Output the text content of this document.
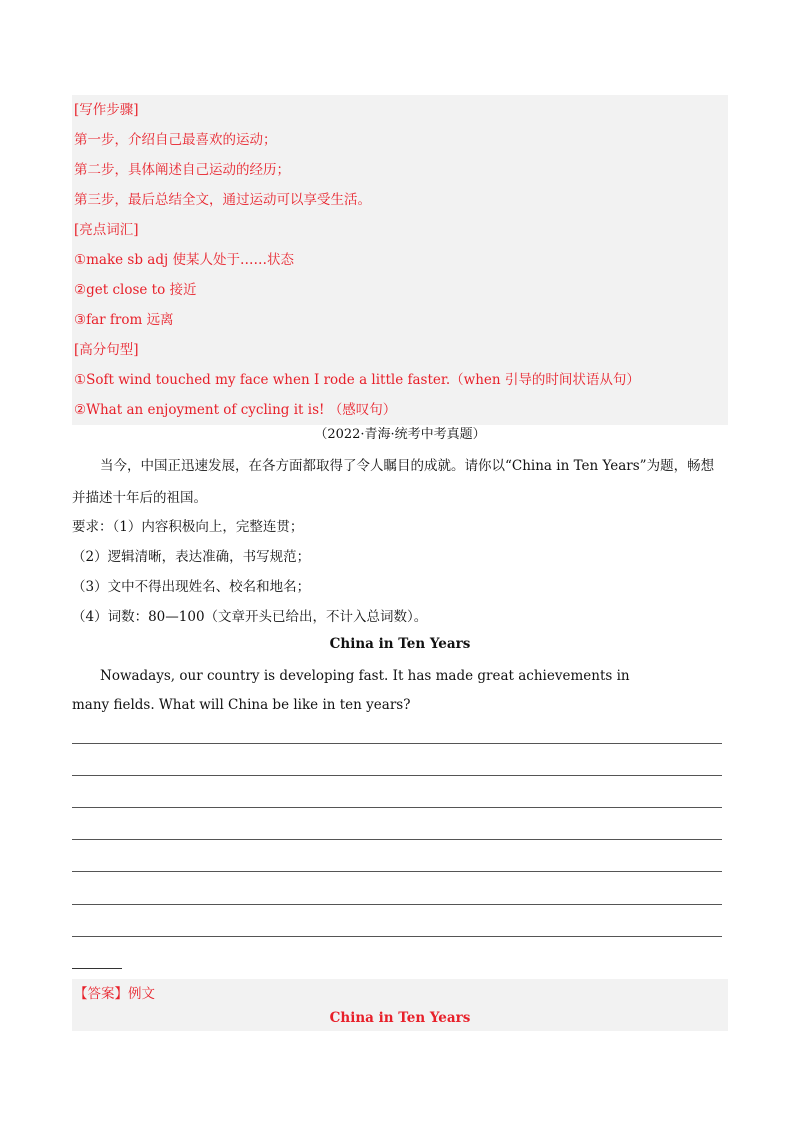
[写作步骤]
第一步，介绍自己最喜欢的运动；
第二步，具体阐述自己运动的经历；
第三步，最后总结全文，通过运动可以享受生活。
[亮点词汇]
①make sb adj 使某人处于……状态
②get close to 接近
③far from 远离
[高分句型]
①Soft wind touched my face when I rode a little faster.（when 引导的时间状语从句）
②What an enjoyment of cycling it is! （感叹句）
（2022·青海·统考中考真题）
当今，中国正迅速发展，在各方面都取得了令人瞩目的成就。请你以“China in Ten Years”为题，畅想
并描述十年后的祖国。
要求：（1）内容积极向上，完整连贯；
（2）逻辑清晰，表达准确，书写规范；
（3）文中不得出现姓名、校名和地名；
（4）词数：80—100（文章开头已给出，不计入总词数）。
China in Ten Years
Nowadays, our country is developing fast. It has made great achievements in
many fields. What will China be like in ten years?
【答案】例文
China in Ten Years
